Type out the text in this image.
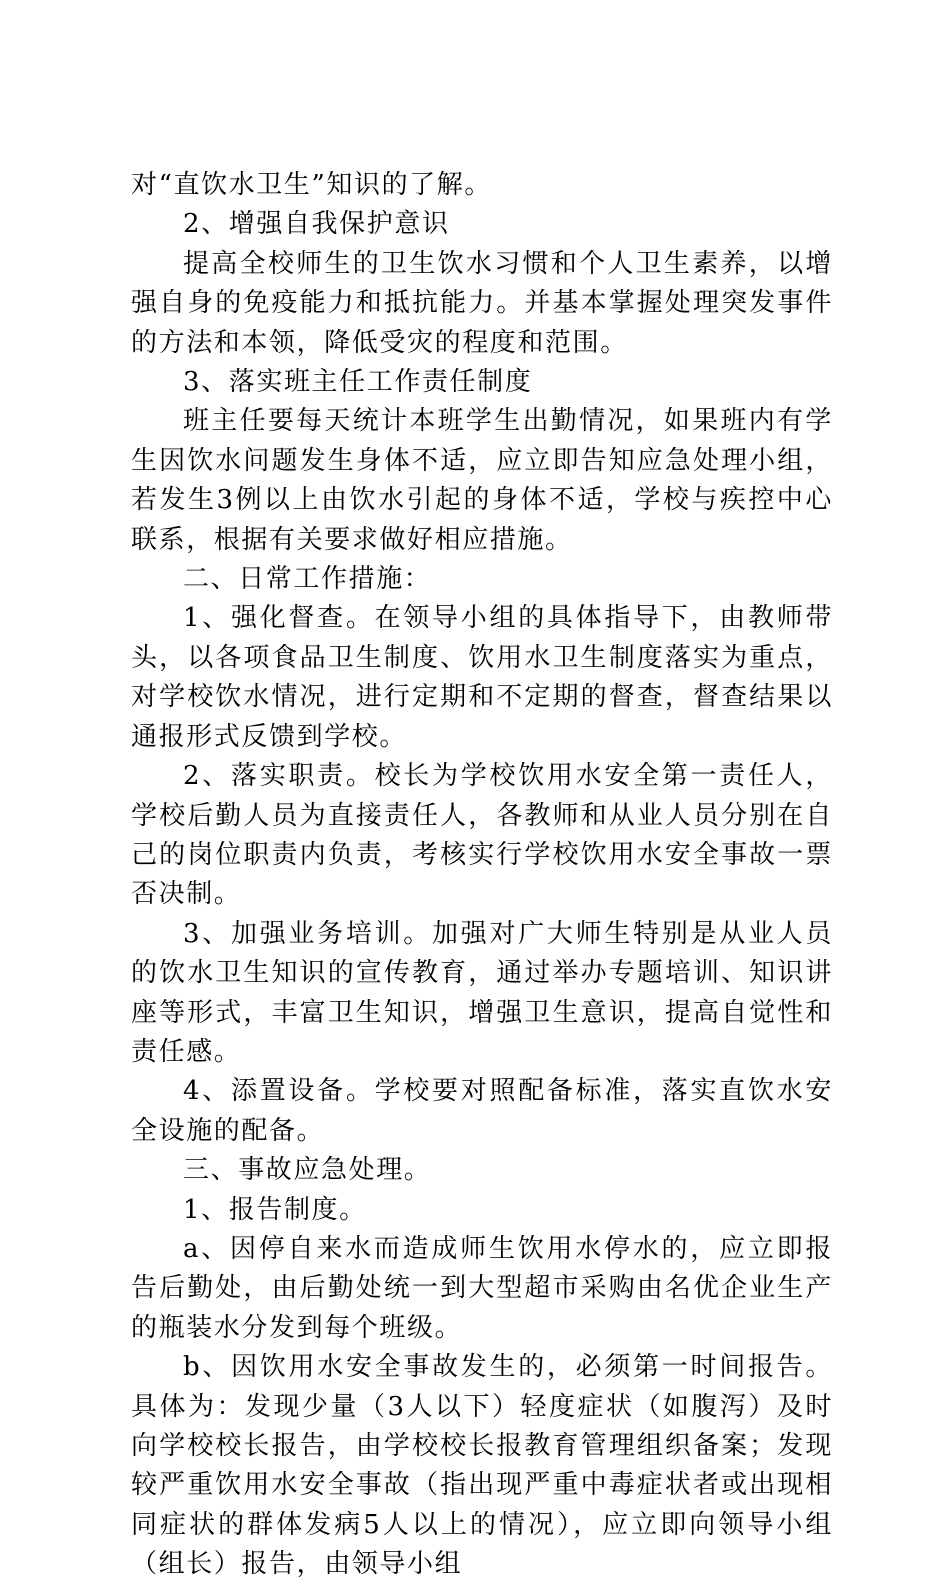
对“直饮水卫生”知识的了解。

2、增强自我保护意识

提高全校师生的卫生饮水习惯和个人卫生素养，以增强自身的免疫能力和抵抗能力。并基本掌握处理突发事件的方法和本领，降低受灾的程度和范围。

3、落实班主任工作责任制度

班主任要每天统计本班学生出勤情况，如果班内有学生因饮水问题发生身体不适，应立即告知应急处理小组，若发生3例以上由饮水引起的身体不适，学校与疾控中心联系，根据有关要求做好相应措施。

二、日常工作措施：

1、强化督查。在领导小组的具体指导下，由教师带头，以各项食品卫生制度、饮用水卫生制度落实为重点，对学校饮水情况，进行定期和不定期的督查，督查结果以通报形式反馈到学校。

2、落实职责。校长为学校饮用水安全第一责任人，学校后勤人员为直接责任人，各教师和从业人员分别在自己的岗位职责内负责，考核实行学校饮用水安全事故一票否决制。

3、加强业务培训。加强对广大师生特别是从业人员的饮水卫生知识的宣传教育，通过举办专题培训、知识讲座等形式，丰富卫生知识，增强卫生意识，提高自觉性和责任感。

4、添置设备。学校要对照配备标准，落实直饮水安全设施的配备。

三、事故应急处理。

1、报告制度。

a、因停自来水而造成师生饮用水停水的，应立即报告后勤处，由后勤处统一到大型超市采购由名优企业生产的瓶装水分发到每个班级。

b、因饮用水安全事故发生的，必须第一时间报告。具体为：发现少量（3人以下）轻度症状（如腹泻）及时向学校校长报告，由学校校长报教育管理组织备案；发现较严重饮用水安全事故（指出现严重中毒症状者或出现相同症状的群体发病5人以上的情况），应立即向领导小组（组长）报告，由领导小组
